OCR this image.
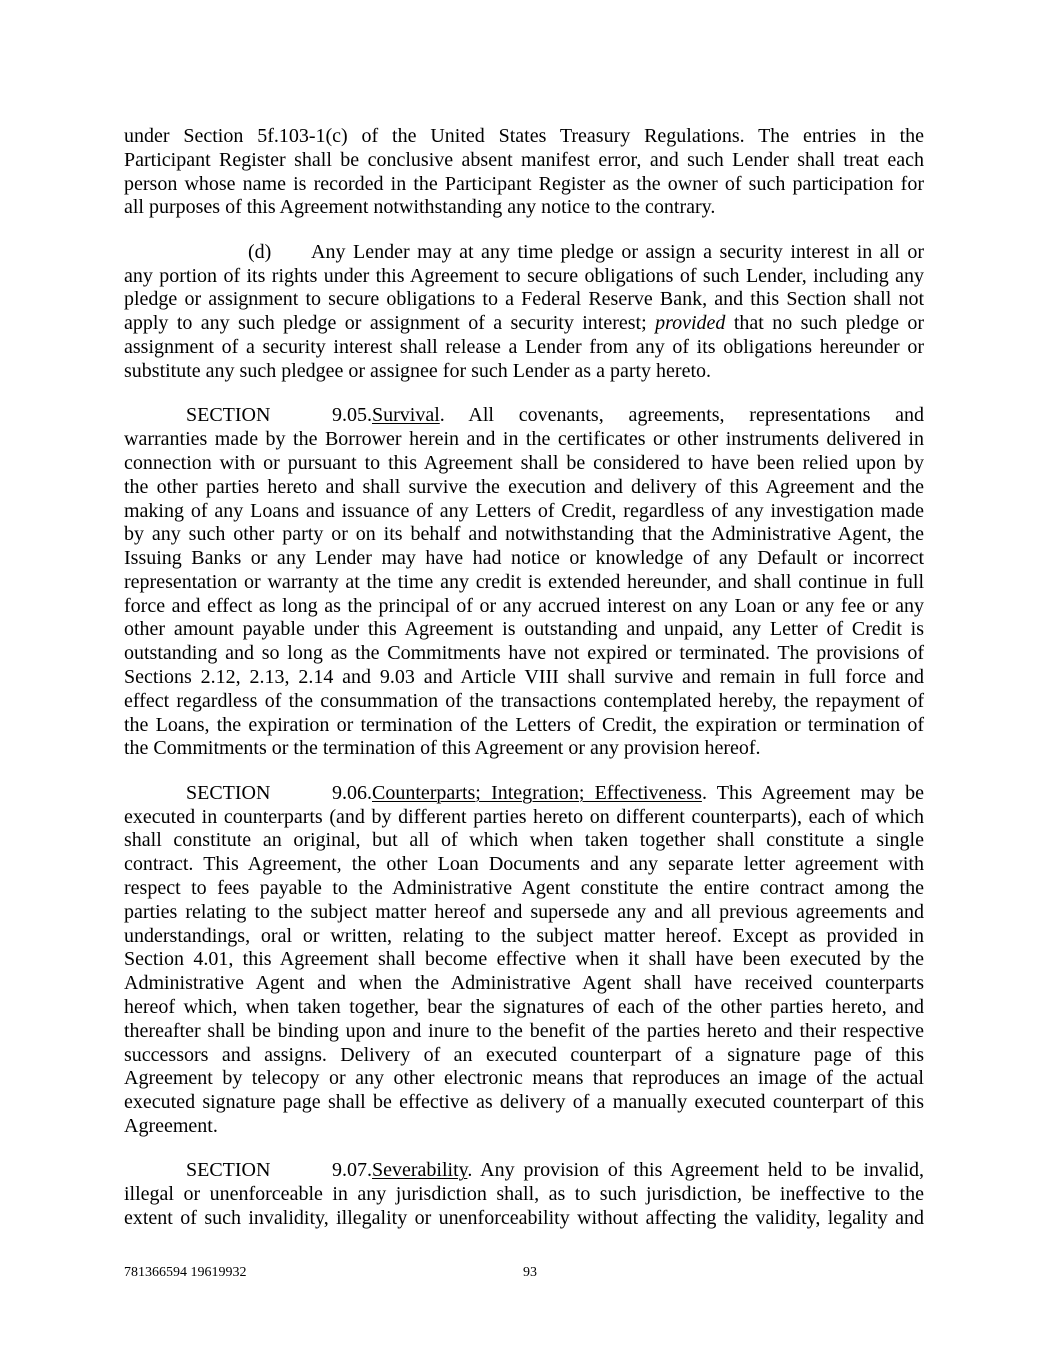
under Section 5f.103-1(c) of the United States Treasury Regulations. The entries in the
Participant Register shall be conclusive absent manifest error, and such Lender shall treat each
person whose name is recorded in the Participant Register as the owner of such participation for
all purposes of this Agreement notwithstanding any notice to the contrary.
(d)	Any Lender may at any time pledge or assign a security interest in all or
any portion of its rights under this Agreement to secure obligations of such Lender, including any
pledge or assignment to secure obligations to a Federal Reserve Bank, and this Section shall not
apply to any such pledge or assignment of a security interest; provided that no such pledge or
assignment of a security interest shall release a Lender from any of its obligations hereunder or
substitute any such pledgee or assignee for such Lender as a party hereto.
SECTION 9.05. Survival. All covenants, agreements, representations and
warranties made by the Borrower herein and in the certificates or other instruments delivered in
connection with or pursuant to this Agreement shall be considered to have been relied upon by
the other parties hereto and shall survive the execution and delivery of this Agreement and the
making of any Loans and issuance of any Letters of Credit, regardless of any investigation made
by any such other party or on its behalf and notwithstanding that the Administrative Agent, the
Issuing Banks or any Lender may have had notice or knowledge of any Default or incorrect
representation or warranty at the time any credit is extended hereunder, and shall continue in full
force and effect as long as the principal of or any accrued interest on any Loan or any fee or any
other amount payable under this Agreement is outstanding and unpaid, any Letter of Credit is
outstanding and so long as the Commitments have not expired or terminated. The provisions of
Sections 2.12, 2.13, 2.14 and 9.03 and Article VIII shall survive and remain in full force and
effect regardless of the consummation of the transactions contemplated hereby, the repayment of
the Loans, the expiration or termination of the Letters of Credit, the expiration or termination of
the Commitments or the termination of this Agreement or any provision hereof.
SECTION 9.06. Counterparts; Integration; Effectiveness. This Agreement may be
executed in counterparts (and by different parties hereto on different counterparts), each of which
shall constitute an original, but all of which when taken together shall constitute a single
contract. This Agreement, the other Loan Documents and any separate letter agreement with
respect to fees payable to the Administrative Agent constitute the entire contract among the
parties relating to the subject matter hereof and supersede any and all previous agreements and
understandings, oral or written, relating to the subject matter hereof. Except as provided in
Section 4.01, this Agreement shall become effective when it shall have been executed by the
Administrative Agent and when the Administrative Agent shall have received counterparts
hereof which, when taken together, bear the signatures of each of the other parties hereto, and
thereafter shall be binding upon and inure to the benefit of the parties hereto and their respective
successors and assigns. Delivery of an executed counterpart of a signature page of this
Agreement by telecopy or any other electronic means that reproduces an image of the actual
executed signature page shall be effective as delivery of a manually executed counterpart of this
Agreement.
SECTION 9.07. Severability. Any provision of this Agreement held to be invalid,
illegal or unenforceable in any jurisdiction shall, as to such jurisdiction, be ineffective to the
extent of such invalidity, illegality or unenforceability without affecting the validity, legality and
781366594 19619932	93
